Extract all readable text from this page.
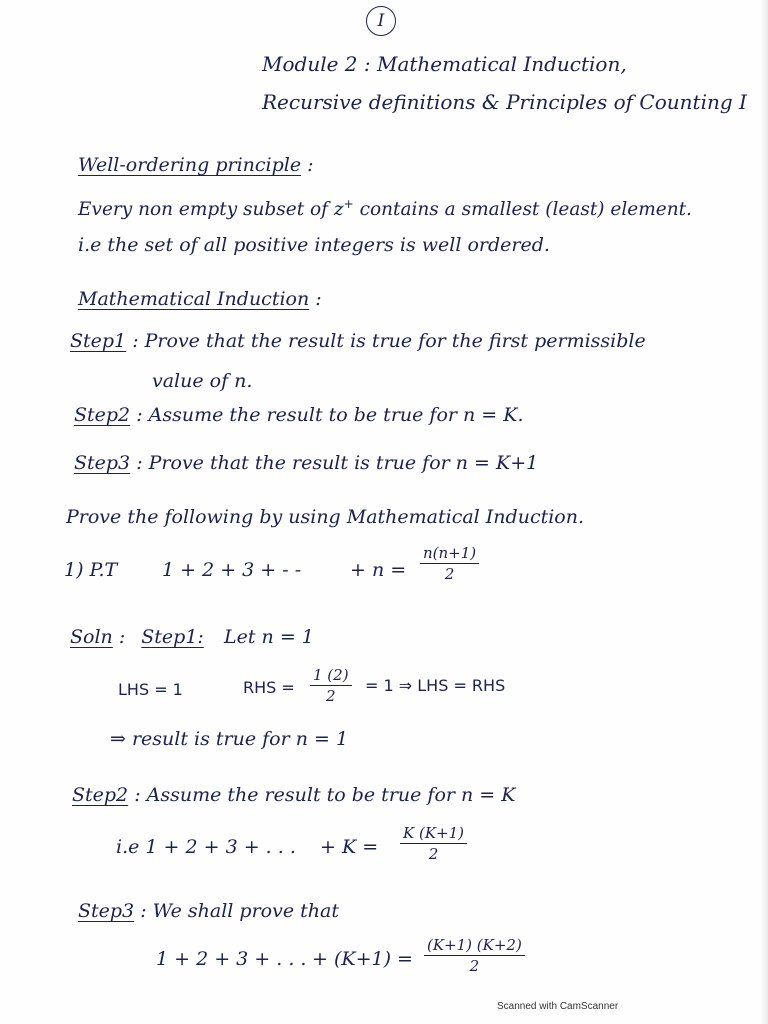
I
Module 2 : Mathematical Induction,
Recursive definitions & Principles of Counting I
Well-ordering principle :
Every non empty subset of z+ contains a smallest (least) element.
i.e the set of all positive integers is well ordered.
Mathematical Induction :
Step1 : Prove that the result is true for the first permissible
value of n.
Step2 : Assume the result to be true for n = K.
Step3 : Prove that the result is true for n = K+1
Prove the following by using Mathematical Induction.
1) P.T 1 + 2 + 3 + - -	+ $n = \frac{n(n+1)}{2}$
Soln : Step1: Let n = 1
LHS = 1	RHS = $\frac{1 (2)}{2} = 1$ ⇒ LHS = RHS
⇒ result is true for n = 1
Step2 : Assume the result to be true for n = K
i.e 1 + 2 + 3 + . . . + $K = \frac{K (K+1)}{2}$
Step3 : We shall prove that
1 + 2 + 3 + . . . + $(K+1) = \frac{(K+1) (K+2)}{2}$
Scanned with CamScanner
